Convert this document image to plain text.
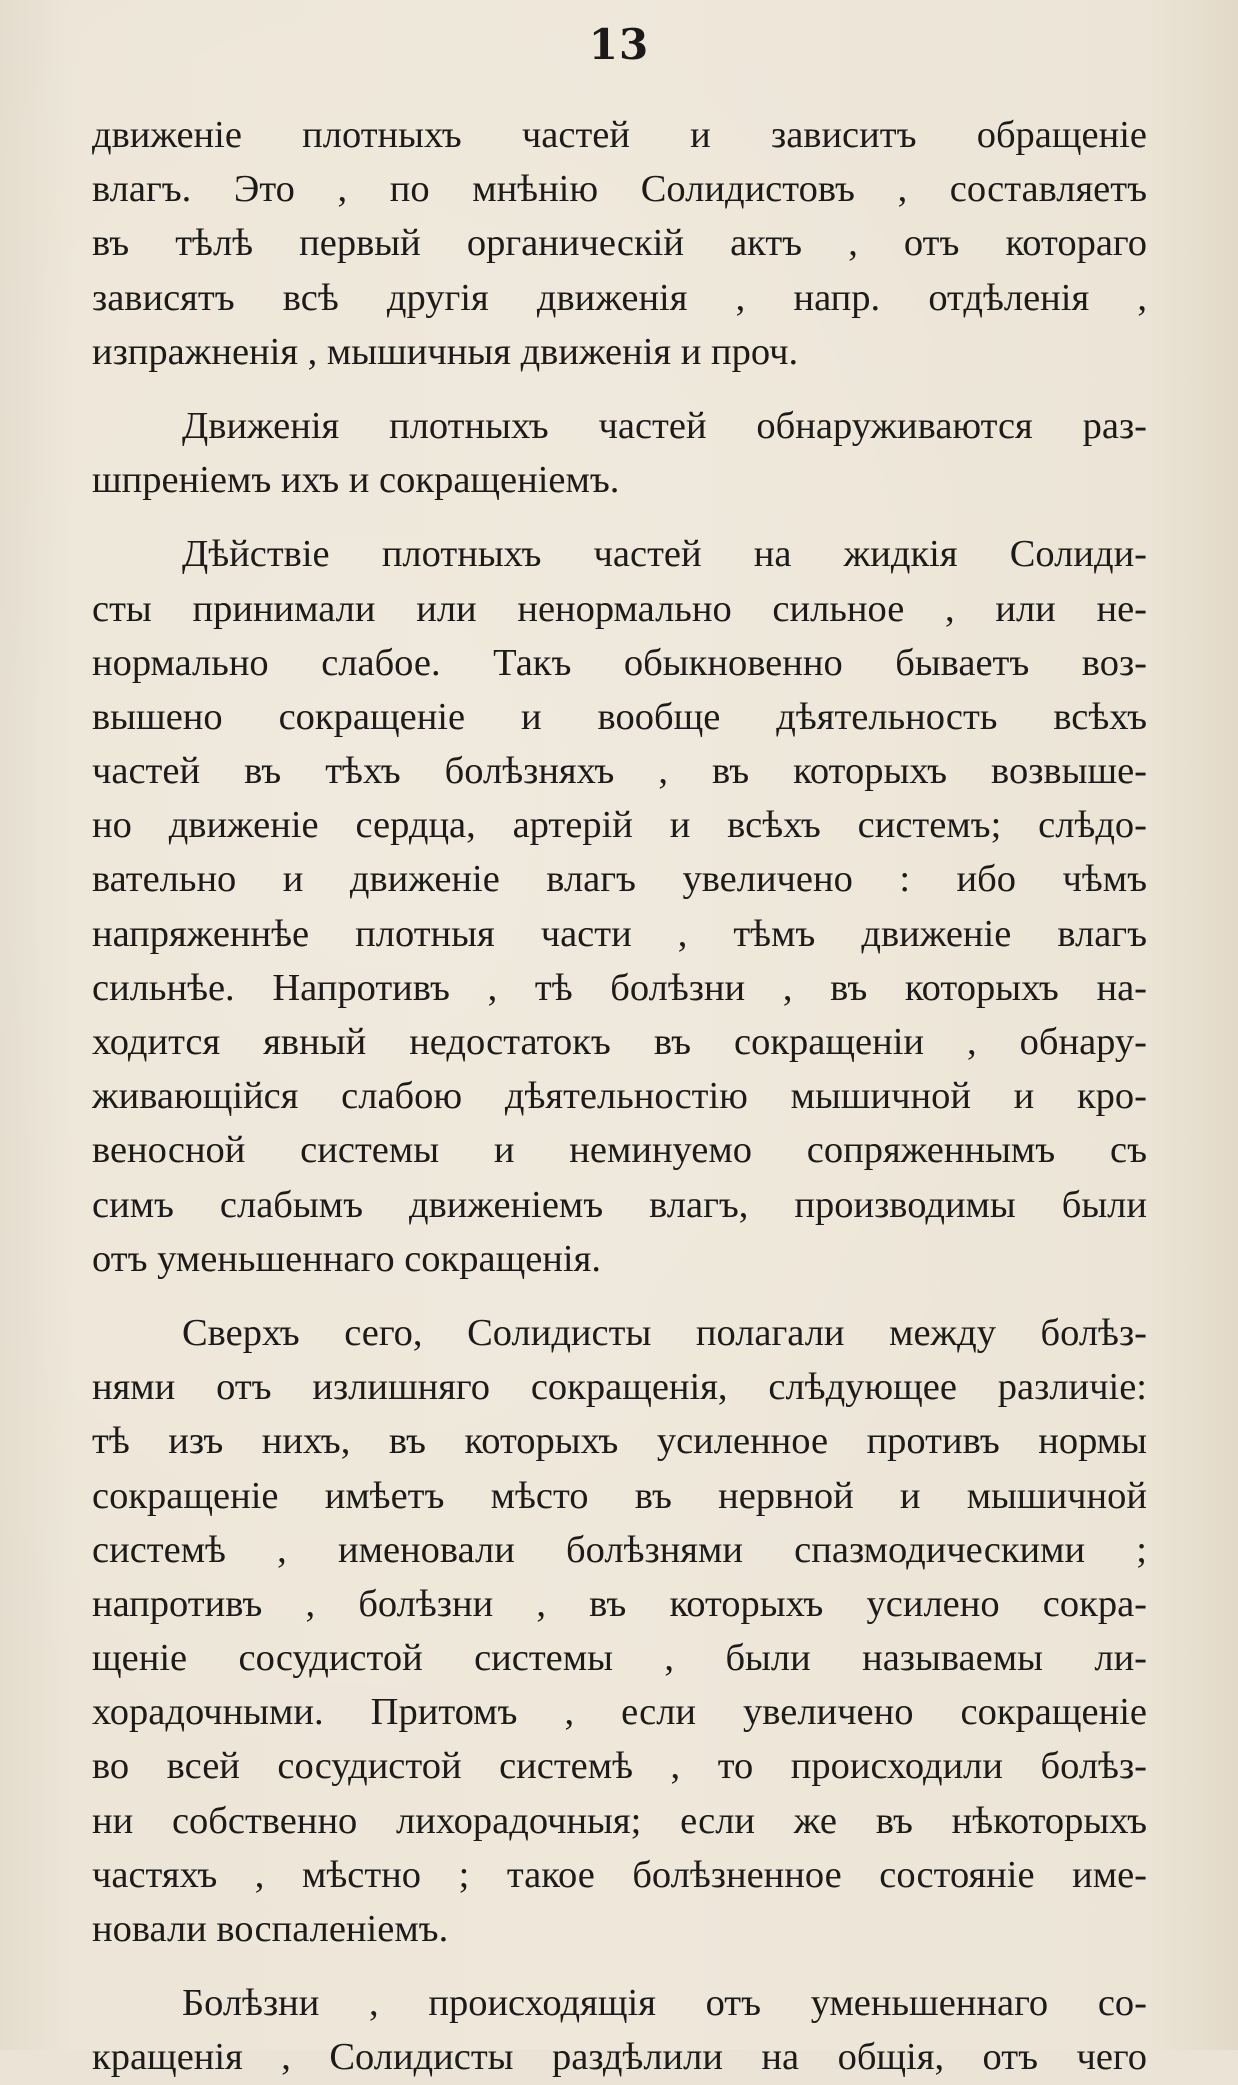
13
движеніе плотныхъ частей и зависитъ обращеніе
влагъ. Это , по мнѣнію Солидистовъ , составляетъ
въ тѣлѣ первый органическій актъ , отъ котораго
зависятъ всѣ другія движенія , напр. отдѣленія ,
изпражненія , мышичныя движенія и проч.
Движенія плотныхъ частей обнаруживаются раз-
шпреніемъ ихъ и сокращеніемъ.
Дѣйствіе плотныхъ частей на жидкія Солиди-
сты принимали или ненормально сильное , или не-
нормально слабое. Такъ обыкновенно бываетъ воз-
вышено сокращеніе и вообще дѣятельность всѣхъ
частей въ тѣхъ болѣзняхъ , въ которыхъ возвыше-
но движеніе сердца, артерій и всѣхъ системъ; слѣдо-
вательно и движеніе влагъ увеличено : ибо чѣмъ
напряженнѣе плотныя части , тѣмъ движеніе влагъ
сильнѣе. Напротивъ , тѣ болѣзни , въ которыхъ на-
ходится явный недостатокъ въ сокращеніи , обнару-
живающійся слабою дѣятельностію мышичной и кро-
веносной системы и неминуемо сопряженнымъ съ
симъ слабымъ движеніемъ влагъ, производимы были
отъ уменьшеннаго сокращенія.
Сверхъ сего, Солидисты полагали между болѣз-
нями отъ излишняго сокращенія, слѣдующее различіе:
тѣ изъ нихъ, въ которыхъ усиленное противъ нормы
сокращеніе имѣетъ мѣсто въ нервной и мышичной
системѣ , именовали болѣзнями спазмодическими ;
напротивъ , болѣзни , въ которыхъ усилено сокра-
щеніе сосудистой системы , были называемы ли-
хорадочными. Притомъ , если увеличено сокращеніе
во всей сосудистой системѣ , то происходили болѣз-
ни собственно лихорадочныя; если же въ нѣкоторыхъ
частяхъ , мѣстно ; такое болѣзненное состояніе име-
новали воспаленіемъ.
Болѣзни , происходящія отъ уменьшеннаго со-
кращенія , Солидисты раздѣлили на общія, отъ чего
